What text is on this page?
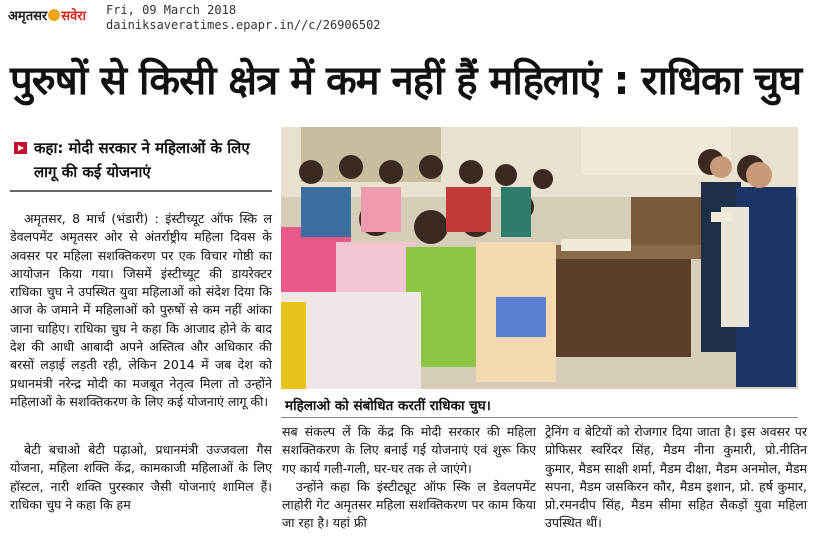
अमृतसर सवेरा Fri, 09 March 2018
dainiksaveratimes.epapr.in//c/26906502
पुरुषों से किसी क्षेत्र में कम नहीं हैं महिलाएं : राधिका चुघ
कहा: मोदी सरकार ने महिलाओं के लिए लागू की कई योजनाएं

अमृतसर, 8 मार्च (भंडारी) : इंस्टीच्यूट ऑफ स्कि ल डेवलपमेंट अमृतसर ओर से अंतर्राष्ट्रीय महिला दिवस के अवसर पर महिला सशक्तिकरण पर एक विचार गोष्ठी का आयोजन किया गया। जिसमें इंस्टीच्यूट की डायरेक्टर राधिका चुघ ने उपस्थित युवा महिलाओं को संदेश दिया कि आज के जमाने में महिलाओं को पुरुषों से कम नहीं आंका जाना चाहिए। राधिका चुघ ने कहा कि आजाद होने के बाद देश की आधी आबादी अपने अस्तित्व और अधिकार की बरसों लड़ाई लड़ती रही, लेकिन 2014 में जब देश को प्रधानमंत्री नरेन्द्र मोदी का मजबूत नेतृत्व मिला तो उन्होंने महिलाओं के सशक्तिकरण के लिए कई योजनाएं लागू की।

बेटी बचाओ बेटी पढ़ाओ, प्रधानमंत्री उज्जवला गैस योजना, महिला शक्ति केंद्र, कामकाजी महिलाओं के लिए हॉस्टल, नारी शक्ति पुरस्कार जैसी योजनाएं शामिल हैं। राधिका चुघ ने कहा कि हम

महिलाओ को संबोधित करतीं राधिका चुघ।

सब संकल्प लें कि केंद्र कि मोदी सरकार की महिला सशक्तिकरण के लिए बनाई गई योजनाएं एवं शुरू किए गए कार्य गली-गली, घर-घर तक ले जाएंगे।

उन्होंने कहा कि इंस्टीट्यूट ऑफ स्कि ल डेवलपमेंट लाहोरी गेट अमृतसर महिला सशक्तिकरण पर काम किया जा रहा है। यहां फ्री

ट्रेनिंग व बेटियों को रोजगार दिया जाता है। इस अवसर पर प्रोफिसर स्वरिंदर सिंह, मैडम नीना कुमारी, प्रो.नीतिन कुमार, मैडम साक्षी शर्मा, मैडम दीक्षा, मैडम अनमोल, मैडम सपना, मैडम जसकिरन कौर, मैडम इशान, प्रो. हर्ष कुमार, प्रो.रमनदीप सिंह, मैडम सीमा सहित सैकड़ों युवा महिला उपस्थित थीं।
